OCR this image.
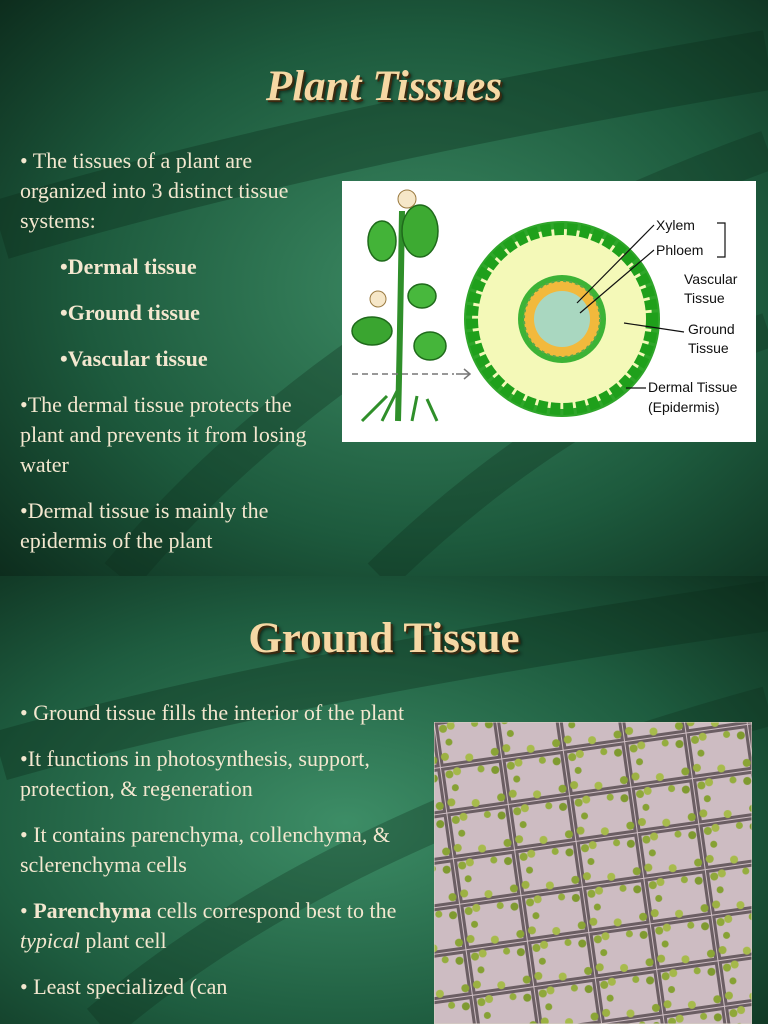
Plant Tissues

• The tissues of a plant are organized into 3 distinct tissue systems:

•Dermal tissue

•Ground tissue

•Vascular tissue

•The dermal tissue protects the plant and prevents it from losing water

•Dermal tissue is mainly the epidermis of the plant

Xylem
Phloem
Vascular
Tissue
Ground
Tissue
Dermal Tissue
(Epidermis)
Ground Tissue

• Ground tissue fills the interior of the plant

•It functions in photosynthesis, support, protection, & regeneration

• It contains parenchyma, collenchyma, & sclerenchyma cells

• Parenchyma cells correspond best to the typical plant cell

• Least specialized (can
